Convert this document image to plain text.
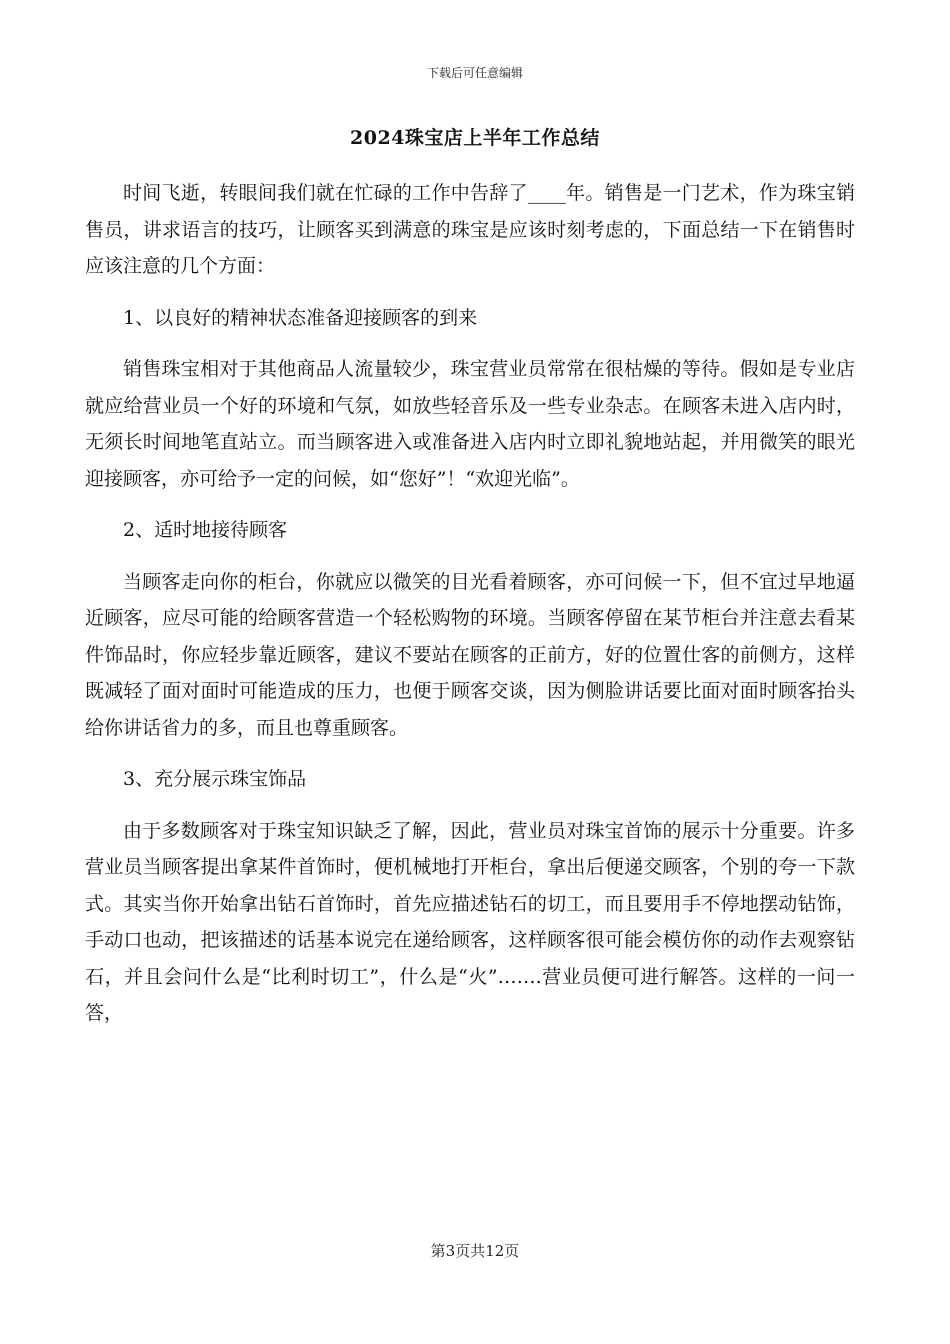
下载后可任意编辑
2024珠宝店上半年工作总结

时间飞逝，转眼间我们就在忙碌的工作中告辞了____年。销售是一门艺术，作为珠宝销售员，讲求语言的技巧，让顾客买到满意的珠宝是应该时刻考虑的，下面总结一下在销售时应该注意的几个方面：

1、以良好的精神状态准备迎接顾客的到来

销售珠宝相对于其他商品人流量较少，珠宝营业员常常在很枯燥的等待。假如是专业店就应给营业员一个好的环境和气氛，如放些轻音乐及一些专业杂志。在顾客未进入店内时，无须长时间地笔直站立。而当顾客进入或准备进入店内时立即礼貌地站起，并用微笑的眼光迎接顾客，亦可给予一定的问候，如“您好”！“欢迎光临”。

2、适时地接待顾客

当顾客走向你的柜台，你就应以微笑的目光看着顾客，亦可问候一下，但不宜过早地逼近顾客，应尽可能的给顾客营造一个轻松购物的环境。当顾客停留在某节柜台并注意去看某件饰品时，你应轻步靠近顾客，建议不要站在顾客的正前方，好的位置仕客的前侧方，这样既减轻了面对面时可能造成的压力，也便于顾客交谈，因为侧脸讲话要比面对面时顾客抬头给你讲话省力的多，而且也尊重顾客。

3、充分展示珠宝饰品

由于多数顾客对于珠宝知识缺乏了解，因此，营业员对珠宝首饰的展示十分重要。许多营业员当顾客提出拿某件首饰时，便机械地打开柜台，拿出后便递交顾客，个别的夸一下款式。其实当你开始拿出钻石首饰时，首先应描述钻石的切工，而且要用手不停地摆动钻饰，手动口也动，把该描述的话基本说完在递给顾客，这样顾客很可能会模仿你的动作去观察钻石，并且会问什么是“比利时切工”，什么是“火”…….营业员便可进行解答。这样的一问一答，

第3页共12页
